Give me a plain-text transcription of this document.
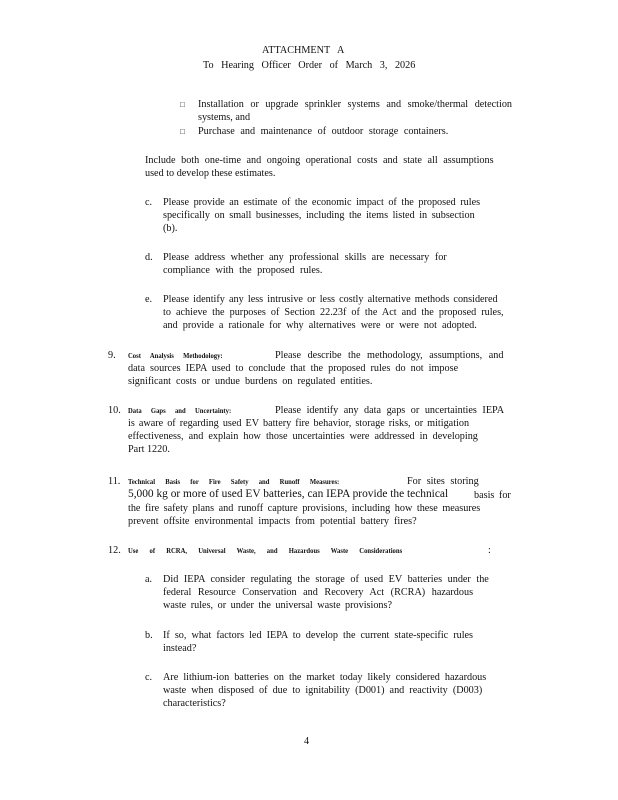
ATTACHMENT A

To Hearing Officer Order of March 3, 2026

□ Installation or upgrade sprinkler systems and smoke/thermal detection

systems, and

□ Purchase and maintenance of outdoor storage containers.

Include both one-time and ongoing operational costs and state all assumptions

used to develop these estimates.

c. Please provide an estimate of the economic impact of the proposed rules

specifically on small businesses, including the items listed in subsection

(b).

d. Please address whether any professional skills are necessary for

compliance with the proposed rules.

e. Please identify any less intrusive or less costly alternative methods considered

to achieve the purposes of Section 22.23f of the Act and the proposed rules,

and provide a rationale for why alternatives were or were not adopted.

9. Cost Analysis Methodology:	Please describe the methodology, assumptions, and

data sources IEPA used to conclude that the proposed rules do not impose

significant costs or undue burdens on regulated entities.

10. Data Gaps and Uncertainty:	Please identify any data gaps or uncertainties IEPA

is aware of regarding used EV battery fire behavior, storage risks, or mitigation

effectiveness, and explain how those uncertainties were addressed in developing

Part 1220.

11. Technical Basis for Fire Safety and Runoff Measures:	For sites storing

5,000 kg or more of used EV batteries, can IEPA provide the technical	basis for

the fire safety plans and runoff capture provisions, including how these measures

prevent offsite environmental impacts from potential battery fires?

12. Use of RCRA, Universal Waste, and Hazardous Waste Considerations	:
a. Did IEPA consider regulating the storage of used EV batteries under the

federal Resource Conservation and Recovery Act (RCRA) hazardous

waste rules, or under the universal waste provisions?

b. If so, what factors led IEPA to develop the current state-specific rules

instead?

c. Are lithium-ion batteries on the market today likely considered hazardous

waste when disposed of due to ignitability (D001) and reactivity (D003)

characteristics?

4
